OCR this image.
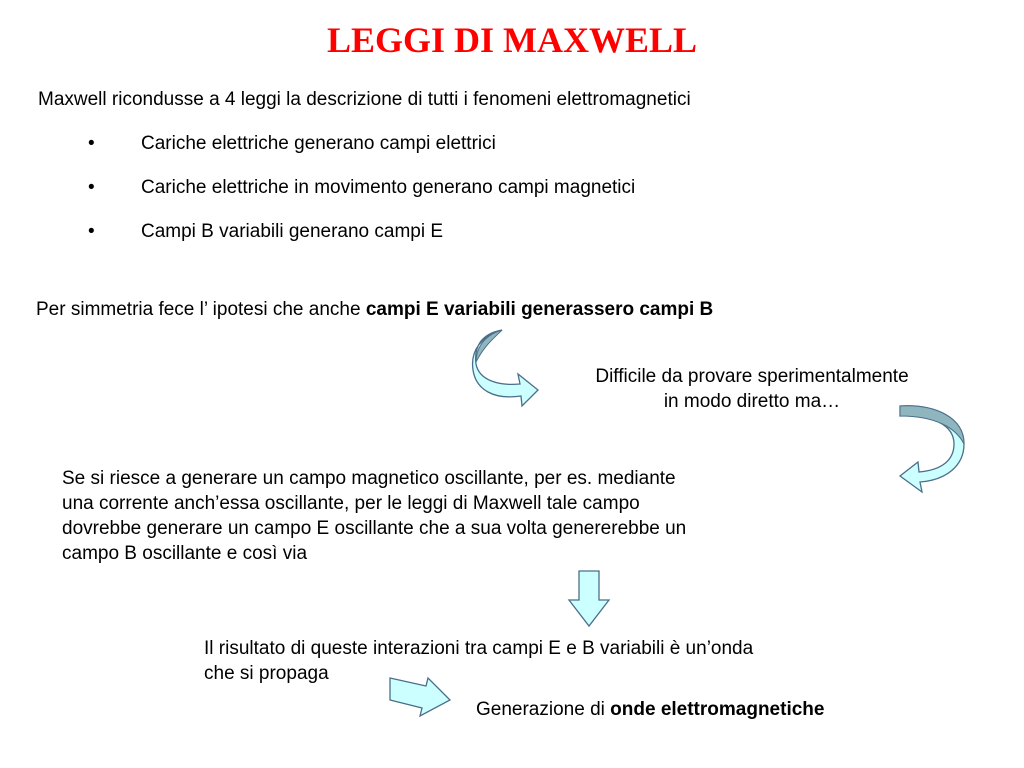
LEGGI DI MAXWELL

Maxwell ricondusse a 4 leggi la descrizione di tutti i fenomeni elettromagnetici

• Cariche elettriche generano campi elettrici

• Cariche elettriche in movimento generano campi magnetici

• Campi B variabili generano campi E

Per simmetria fece l’ ipotesi che anche campi E variabili generassero campi B

Difficile da provare sperimentalmente
in modo diretto ma…

Se si riesce a generare un campo magnetico oscillante, per es. mediante
una corrente anch’essa oscillante, per le leggi di Maxwell tale campo
dovrebbe generare un campo E oscillante che a sua volta genererebbe un
campo B oscillante e così via

Il risultato di queste interazioni tra campi E e B variabili è un’onda
che si propaga

Generazione di onde elettromagnetiche
